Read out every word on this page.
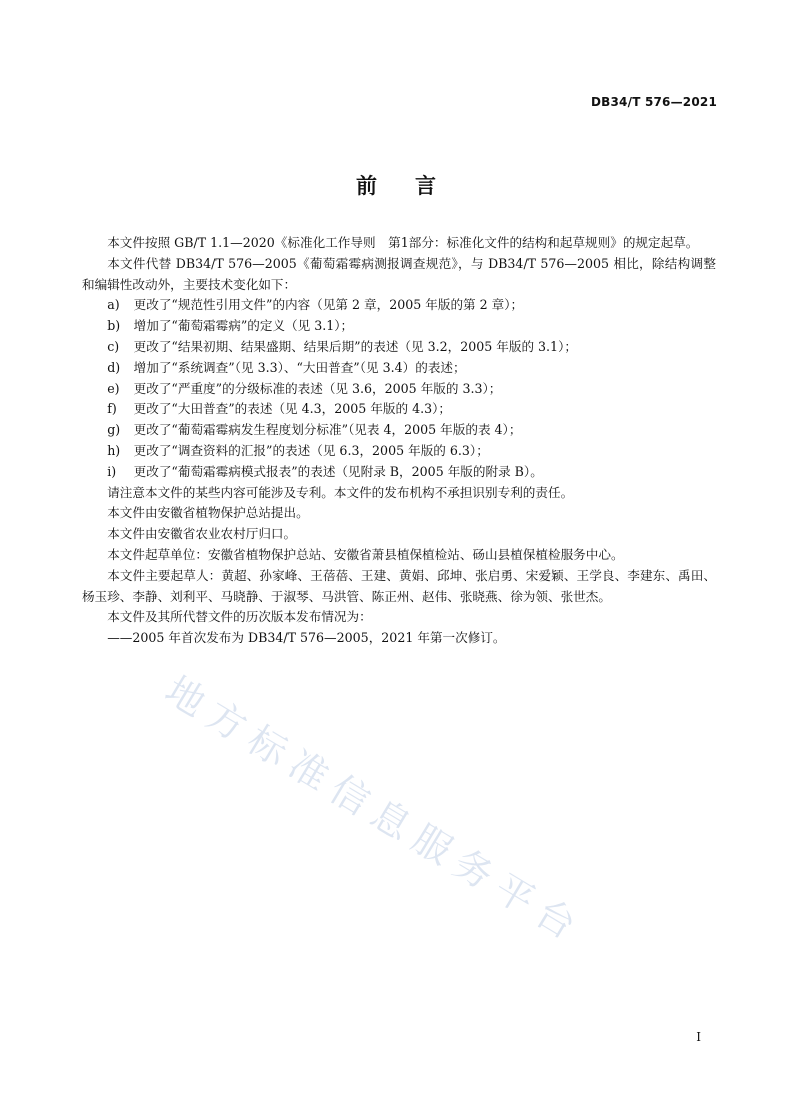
DB34/T 576—2021
前言
地方标准信息服务平台

本文件按照 GB/T 1.1—2020《标准化工作导则　第1部分：标准化文件的结构和起草规则》的规定起草。

本文件代替 DB34/T 576—2005《葡萄霜霉病测报调查规范》，与 DB34/T 576—2005 相比，除结构调整和编辑性改动外，主要技术变化如下：

a) 更改了“规范性引用文件”的内容（见第 2 章，2005 年版的第 2 章）；

b) 增加了“葡萄霜霉病”的定义（见 3.1）；

c) 更改了“结果初期、结果盛期、结果后期”的表述（见 3.2，2005 年版的 3.1）；

d) 增加了“系统调查”（见 3.3）、“大田普查”（见 3.4）的表述；

e) 更改了“严重度”的分级标准的表述（见 3.6，2005 年版的 3.3）；

f) 更改了“大田普查”的表述（见 4.3，2005 年版的 4.3）；

g) 更改了“葡萄霜霉病发生程度划分标准”（见表 4，2005 年版的表 4）；

h) 更改了“调查资料的汇报”的表述（见 6.3，2005 年版的 6.3）；

i) 更改了“葡萄霜霉病模式报表”的表述（见附录 B，2005 年版的附录 B）。

请注意本文件的某些内容可能涉及专利。本文件的发布机构不承担识别专利的责任。

本文件由安徽省植物保护总站提出。

本文件由安徽省农业农村厅归口。

本文件起草单位：安徽省植物保护总站、安徽省萧县植保植检站、砀山县植保植检服务中心。

本文件主要起草人：黄超、孙家峰、王蓓蓓、王建、黄娟、邱坤、张启勇、宋爱颖、王学良、李建东、禹田、杨玉珍、李静、刘利平、马晓静、于淑琴、马洪管、陈正州、赵伟、张晓燕、徐为领、张世杰。

本文件及其所代替文件的历次版本发布情况为：

——2005 年首次发布为 DB34/T 576—2005，2021 年第一次修订。

I
